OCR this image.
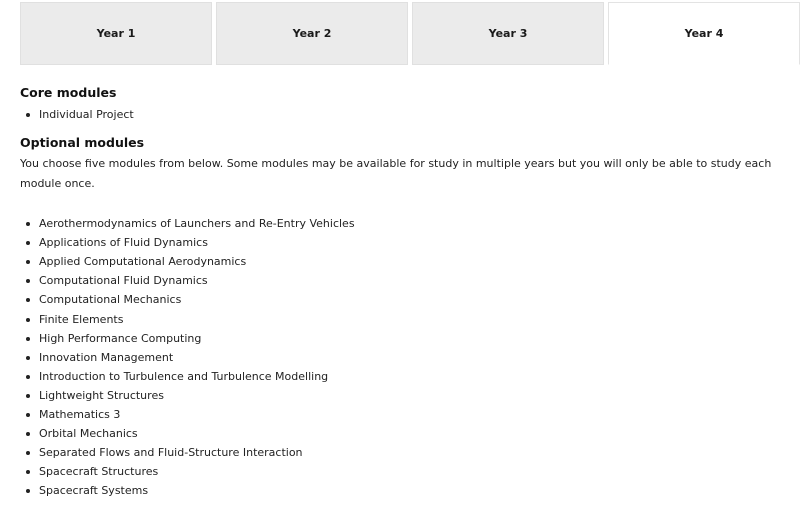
Year 1	Year 2	Year 3	Year 4
Core modules
Individual Project
Optional modules

You choose five modules from below. Some modules may be available for study in multiple years but you will only be able to study each module once.

Aerothermodynamics of Launchers and Re-Entry Vehicles
Applications of Fluid Dynamics
Applied Computational Aerodynamics
Computational Fluid Dynamics
Computational Mechanics
Finite Elements
High Performance Computing
Innovation Management
Introduction to Turbulence and Turbulence Modelling
Lightweight Structures
Mathematics 3
Orbital Mechanics
Separated Flows and Fluid-Structure Interaction
Spacecraft Structures
Spacecraft Systems
